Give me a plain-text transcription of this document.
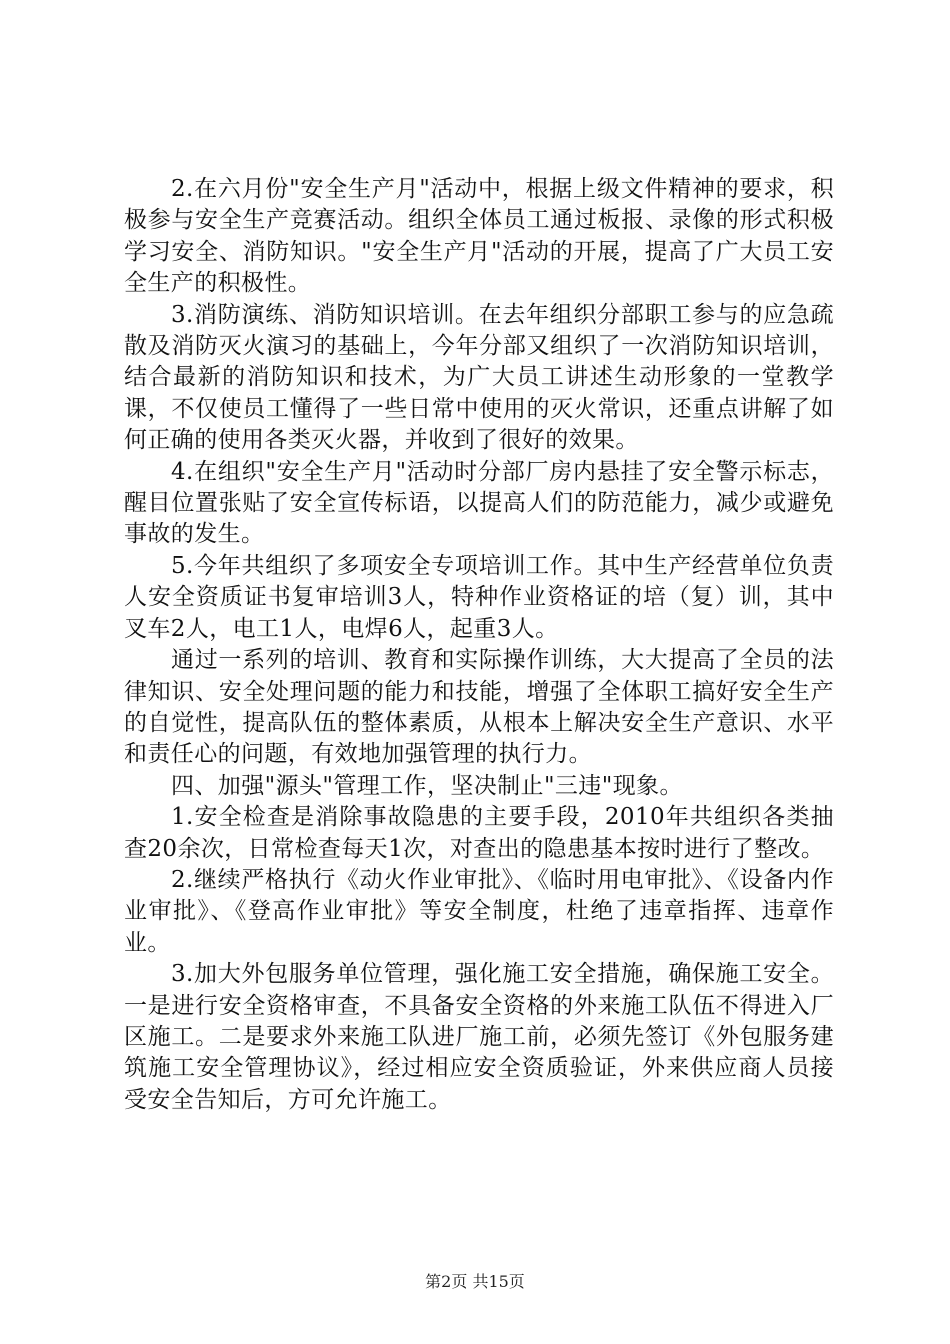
2.在六月份"安全生产月"活动中，根据上级文件精神的要求，积极参与安全生产竞赛活动。组织全体员工通过板报、录像的形式积极学习安全、消防知识。"安全生产月"活动的开展，提高了广大员工安全生产的积极性。

3.消防演练、消防知识培训。在去年组织分部职工参与的应急疏散及消防灭火演习的基础上，今年分部又组织了一次消防知识培训，结合最新的消防知识和技术，为广大员工讲述生动形象的一堂教学课，不仅使员工懂得了一些日常中使用的灭火常识，还重点讲解了如何正确的使用各类灭火器，并收到了很好的效果。

4.在组织"安全生产月"活动时分部厂房内悬挂了安全警示标志，醒目位置张贴了安全宣传标语，以提高人们的防范能力，减少或避免事故的发生。

5.今年共组织了多项安全专项培训工作。其中生产经营单位负责人安全资质证书复审培训3人，特种作业资格证的培（复）训，其中叉车2人，电工1人，电焊6人，起重3人。

通过一系列的培训、教育和实际操作训练，大大提高了全员的法律知识、安全处理问题的能力和技能，增强了全体职工搞好安全生产的自觉性，提高队伍的整体素质，从根本上解决安全生产意识、水平和责任心的问题，有效地加强管理的执行力。

四、加强"源头"管理工作，坚决制止"三违"现象。

1.安全检查是消除事故隐患的主要手段，2010年共组织各类抽查20余次，日常检查每天1次，对查出的隐患基本按时进行了整改。

2.继续严格执行《动火作业审批》、《临时用电审批》、《设备内作业审批》、《登高作业审批》等安全制度，杜绝了违章指挥、违章作业。

3.加大外包服务单位管理，强化施工安全措施，确保施工安全。一是进行安全资格审查，不具备安全资格的外来施工队伍不得进入厂区施工。二是要求外来施工队进厂施工前，必须先签订《外包服务建筑施工安全管理协议》，经过相应安全资质验证，外来供应商人员接受安全告知后，方可允许施工。

第2页 共15页
